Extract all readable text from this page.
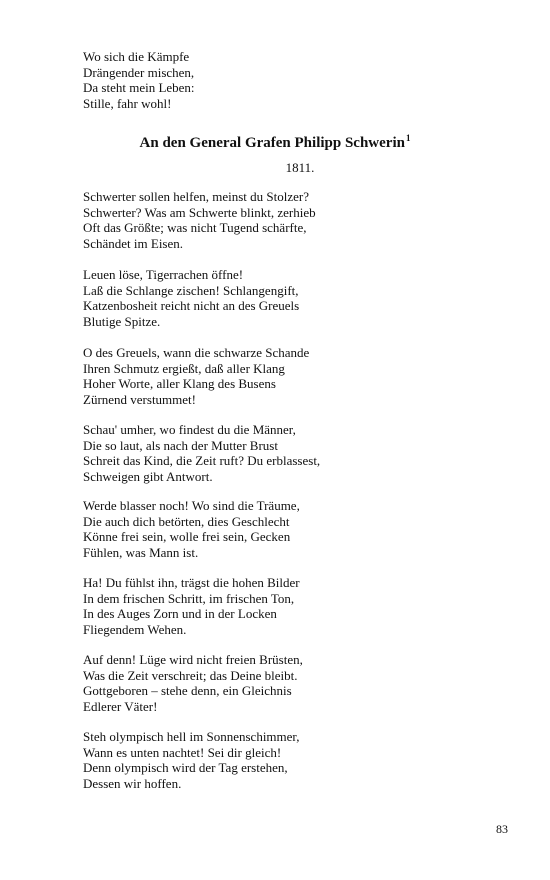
Wo sich die Kämpfe
Drängender mischen,
Da steht mein Leben:
Stille, fahr wohl!
An den General Grafen Philipp Schwerin$^1$
1811.
Schwerter sollen helfen, meinst du Stolzer?
Schwerter? Was am Schwerte blinkt, zerhieb
Oft das Größte; was nicht Tugend schärfte,
Schändet im Eisen.
Leuen löse, Tigerrachen öffne!
Laß die Schlange zischen! Schlangengift,
Katzenbosheit reicht nicht an des Greuels
Blutige Spitze.
O des Greuels, wann die schwarze Schande
Ihren Schmutz ergießt, daß aller Klang
Hoher Worte, aller Klang des Busens
Zürnend verstummet!
Schau' umher, wo findest du die Männer,
Die so laut, als nach der Mutter Brust
Schreit das Kind, die Zeit ruft? Du erblassest,
Schweigen gibt Antwort.
Werde blasser noch! Wo sind die Träume,
Die auch dich betörten, dies Geschlecht
Könne frei sein, wolle frei sein, Gecken
Fühlen, was Mann ist.
Ha! Du fühlst ihn, trägst die hohen Bilder
In dem frischen Schritt, im frischen Ton,
In des Auges Zorn und in der Locken
Fliegendem Wehen.
Auf denn! Lüge wird nicht freien Brüsten,
Was die Zeit verschreit; das Deine bleibt.
Gottgeboren – stehe denn, ein Gleichnis
Edlerer Väter!
Steh olympisch hell im Sonnenschimmer,
Wann es unten nachtet! Sei dir gleich!
Denn olympisch wird der Tag erstehen,
Dessen wir hoffen.
83
